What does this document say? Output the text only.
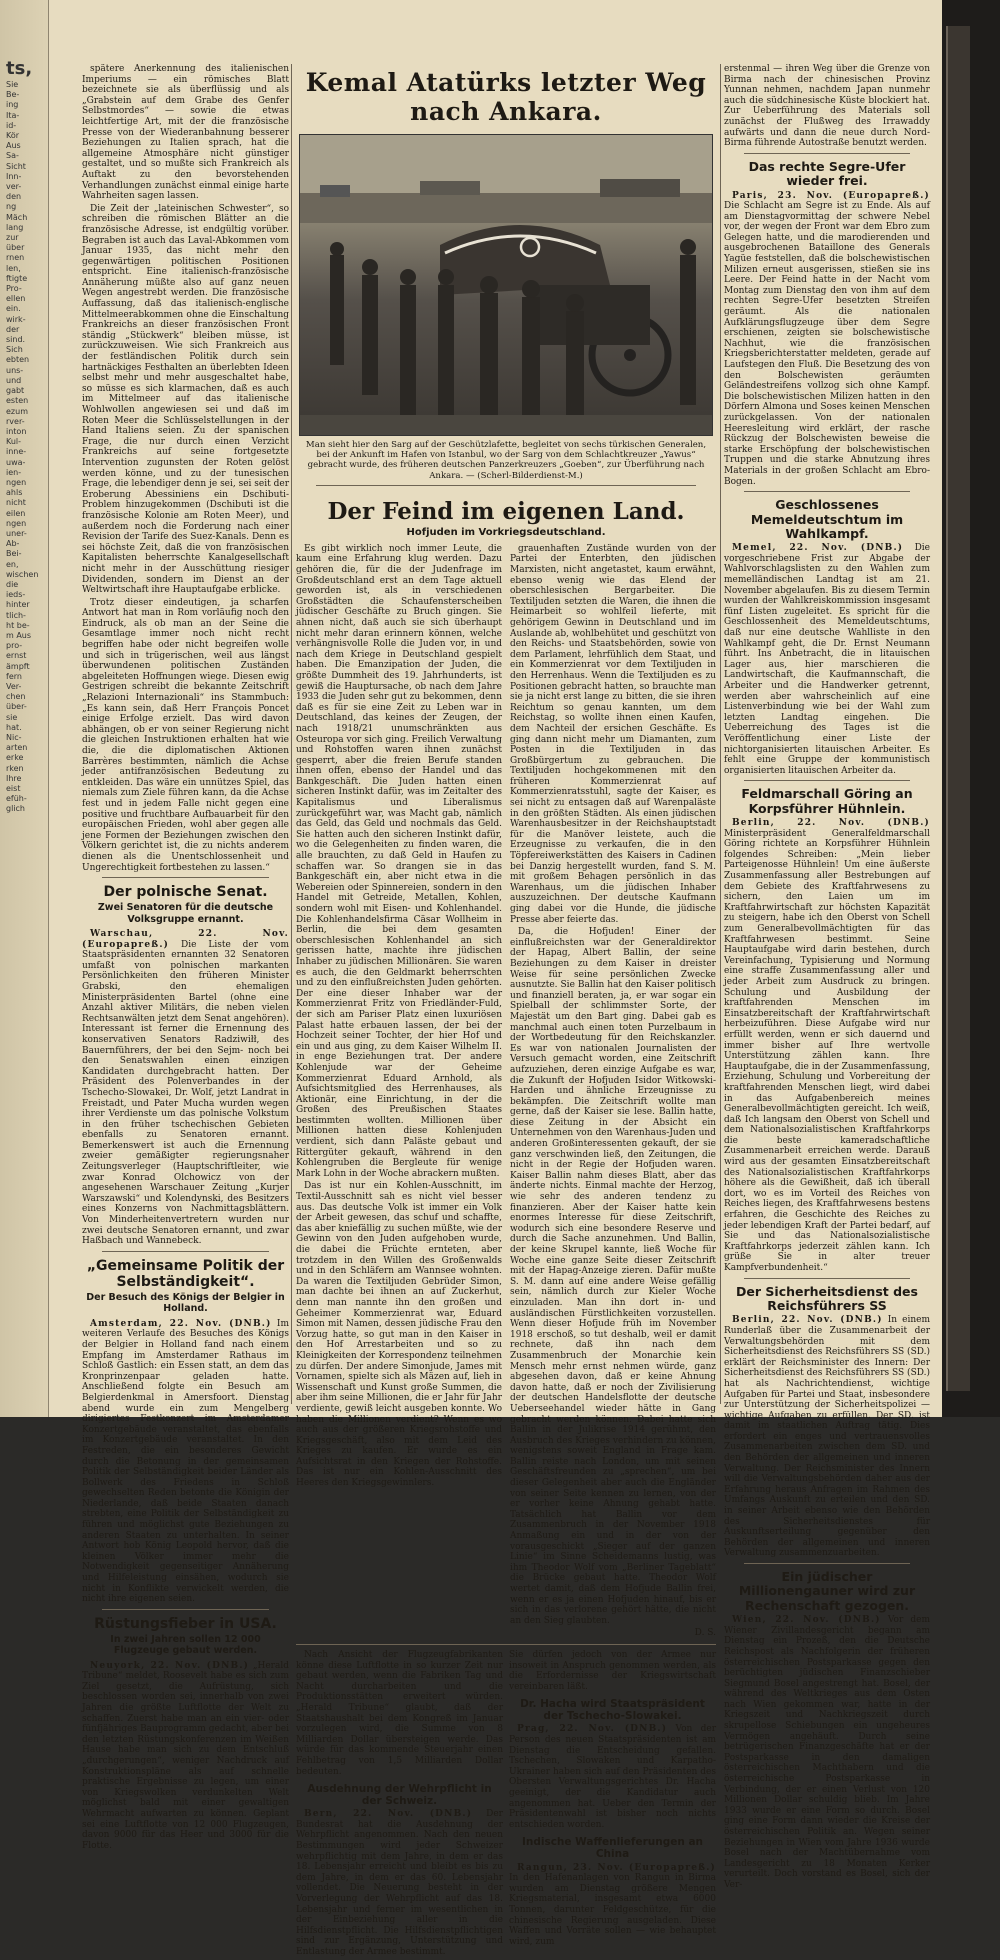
ts,
Sie
Be-
ing
Ita-
id-
Kör
Aus
Sa-
Sicht
Inn-
ver-
den
ng
Mäch
lang
zur
über
rnen
len,
ftigte
Pro-
ellen
ein.
wirk-
der
sind.
Sich
ebten
uns-
und
gabt
esten
ezum
rver-
inton
Kul-
inne-
uwa-
ien-
ngen
ahls
nicht
eilen
ngen
uner-
Ab-
Bei-
en,
wischen
die
ieds-
hinter
tlich-
ht be-
m Aus
pro-
ernst
ämpft
fern
Ver-
chen
über-
sie
hat.
Nic-
arten
erke
rken
Ihre
eist
efüh-
glich

spätere Anerkennung des italienischen Imperiums — ein römisches Blatt bezeichnete sie als überflüssig und als „Grabstein auf dem Grabe des Genfer Selbstmordes“ — sowie die etwas leichtfertige Art, mit der die französische Presse von der Wiederanbahnung besserer Beziehungen zu Italien sprach, hat die allgemeine Atmosphäre nicht günstiger gestaltet, und so mußte sich Frankreich als Auftakt zu den bevorstehenden Verhandlungen zunächst einmal einige harte Wahrheiten sagen lassen.

Die Zeit der „lateinischen Schwester“, so schreiben die römischen Blätter an die französische Adresse, ist endgültig vorüber. Begraben ist auch das Laval-Abkommen vom Januar 1935, das nicht mehr den gegenwärtigen politischen Positionen entspricht. Eine italienisch-französische Annäherung müßte also auf ganz neuen Wegen angestrebt werden. Die französische Auffassung, daß das italienisch-englische Mittelmeerabkommen ohne die Einschaltung Frankreichs an dieser französischen Front ständig „Stückwerk“ bleiben müsse, ist zurückzuweisen. Wie sich Frankreich aus der festländischen Politik durch sein hartnäckiges Festhalten an überlebten Ideen selbst mehr und mehr ausgeschaltet habe, so müsse es sich klarmachen, daß es auch im Mittelmeer auf das italienische Wohlwollen angewiesen sei und daß im Roten Meer die Schlüsselstellungen in der Hand Italiens seien. Zu der spanischen Frage, die nur durch einen Verzicht Frankreichs auf seine fortgesetzte Intervention zugunsten der Roten gelöst werden könne, und zu der tunesischen Frage, die lebendiger denn je sei, sei seit der Eroberung Abessiniens ein Dschibuti-Problem hinzugekommen (Dschibuti ist die französische Kolonie am Roten Meer), und außerdem noch die Forderung nach einer Revision der Tarife des Suez-Kanals. Denn es sei höchste Zeit, daß die von französischen Kapitalisten beherrschte Kanalgesellschaft nicht mehr in der Ausschüttung riesiger Dividenden, sondern im Dienst an der Weltwirtschaft ihre Hauptaufgabe erblicke.

Trotz dieser eindeutigen, ja scharfen Antwort hat man in Rom vorläufig noch den Eindruck, als ob man an der Seine die Gesamtlage immer noch nicht recht begriffen habe oder nicht begreifen wolle und sich in trügerischen, weil aus längst überwundenen politischen Zuständen abgeleiteten Hoffnungen wiege. Diesen ewig Gestrigen schreibt die bekannte Zeitschrift „Relazioni Internazionali“ ins Stammbuch: „Es kann sein, daß Herr François Poncet einige Erfolge erzielt. Das wird davon abhängen, ob er von seiner Regierung nicht die gleichen Instruktionen erhalten hat wie die, die die diplomatischen Aktionen Barrères bestimmten, nämlich die Achse jeder antifranzösischen Bedeutung zu entkleiden. Das wäre ein unnützes Spiel, das niemals zum Ziele führen kann, da die Achse fest und in jedem Falle nicht gegen eine positive und fruchtbare Aufbauarbeit für den europäischen Frieden, wohl aber gegen alle jene Formen der Beziehungen zwischen den Völkern gerichtet ist, die zu nichts anderem dienen als die Unentschlossenheit und Ungerechtigkeit fortbestehen zu lassen.“

Der polnische Senat.
Zwei Senatoren für die deutsche Volksgruppe ernannt.

Warschau, 22. Nov. (Europapreß.) Die Liste der vom Staatspräsidenten ernannten 32 Senatoren umfaßt von polnischen markanten Persönlichkeiten den früheren Minister Grabski, den ehemaligen Ministerpräsidenten Bartel (ohne eine Anzahl aktiver Militärs, die neben vielen Rechtsanwälten jetzt dem Senat angehören). Interessant ist ferner die Ernennung des konservativen Senators Radziwiłł, des Bauernführers, der bei den Sejm- noch bei den Senatswahlen einen einzigen Kandidaten durchgebracht hatten. Der Präsident des Polenverbandes in der Tschecho-Slowakei, Dr. Wolf, jetzt Landrat in Freistadt, und Pater Mucha wurden wegen ihrer Verdienste um das polnische Volkstum in den früher tschechischen Gebieten ebenfalls zu Senatoren ernannt. Bemerkenswert ist auch die Ernennung zweier gemäßigter regierungsnaher Zeitungsverleger (Hauptschriftleiter, wie zwar Konrad Olchowicz von der angesehenen Warschauer Zeitung „Kurjer Warszawski“ und Kolendynski, des Besitzers eines Konzerns von Nachmittagsblättern. Von Minderheitenvertretern wurden nur zwei deutsche Senatoren ernannt, und zwar Haßbach und Wannebeck.

„Gemeinsame Politik der Selbständigkeit“.
Der Besuch des Königs der Belgier in Holland.

Amsterdam, 22. Nov. (DNB.) Im weiteren Verlaufe des Besuches des Königs der Belgier in Holland fand nach einem Empfang im Amsterdamer Rathaus im Schloß Gastlich: ein Essen statt, an dem das Kronprinzenpaar geladen hatte. Anschließend folgte ein Besuch am Belgierdenkmal in Amersfoort. Dienstag abend wurde ein zum Mengelberg dirigiertes Festkonzert im Amsterdamer Konzertgebäude veranstaltet, das ebenfalls im Konzertgebäude veranstaltet. In den Festreden, die ein besonderes Gewicht durch die Betonung in der gemeinsamen Politik der Selbständigkeit beider Länder als Bollwerk des Friedens in Schloß gewechselten Reden betonte die Königin der Niederlande, daß beide Staaten danach strebten, eine Politik der Selbständigkeit zu führen und möglichst gute Beziehungen zu anderen Staaten zu unterhalten. In seiner Antwort hob König Leopold hervor, daß die kleinen Völker immer mehr die Notwendigkeit gegenseitiger Annäherung und Hilfeleistung einsähen, wodurch sie nicht in Konflikte verwickelt werden, die nicht ihre eigenen seien.

Rüstungsfieber in USA.
In zwei Jahren sollen 12 000 Flugzeuge gebaut werden.

Neuyork, 22. Nov. (DNB.) „Herald Tribune“ meldet, Roosevelt habe es sich zum Ziel gesetzt, die Aufrüstung, sich beschlossen worden sei, innerhalb von zwei Jahren die größte Luftflotte der Welt zu schaffen. Zuerst habe man an ein vier- oder fünfjähriges Bauprogramm gedacht, aber bei den letzten Rüstungskonferenzen im Weißen Hause habe man sich zu dem Entschluß „durchgerungen“, weniger Nachdruck auf Konstruktionspläne als auf schnelle praktische Ergebnisse zu legen, um einer von Kriegswolken verdunkelten Welt möglichst bald mit einer gewaltigen Wehrmacht aufwarten zu können. Geplant sei eine Luftflotte von 12 000 Flugzeugen, davon 9000 für das Heer und 3000 für die Flotte.

Kemal Atatürks letzter Weg nach Ankara.
Man sieht hier den Sarg auf der Geschützlafette, begleitet von sechs türkischen Generalen, bei der Ankunft im Hafen von Istanbul, wo der Sarg von dem Schlachtkreuzer „Yawus“ gebracht wurde, des früheren deutschen Panzerkreuzers „Goeben“, zur Überführung nach Ankara. — (Scherl-Bilderdienst-M.)
Der Feind im eigenen Land.
Hofjuden im Vorkriegsdeutschland.

Es gibt wirklich noch immer Leute, die kaum eine Erfahrung klug werden. Dazu gehören die, für die der Judenfrage im Großdeutschland erst an dem Tage aktuell geworden ist, als in verschiedenen Großstädten die Schaufensterscheiben jüdischer Geschäfte zu Bruch gingen. Sie ahnen nicht, daß auch sie sich überhaupt nicht mehr daran erinnern können, welche verhängnisvolle Rolle die Juden vor, in und nach dem Kriege in Deutschland gespielt haben. Die Emanzipation der Juden, die größte Dummheit des 19. Jahrhunderts, ist gewiß die Hauptursache, ob nach dem Jahre 1933 die Juden sehr gut zu bekommen, denn daß es für sie eine Zeit zu Leben war in Deutschland, das keines der Zeugen, der nach 1918/21 unumschränkten aus Osteuropa vor sich ging. Freilich Verwaltung und Rohstoffen waren ihnen zunächst gesperrt, aber die freien Berufe standen ihnen offen, ebenso der Handel und das Bankgeschäft. Die Juden hatten einen sicheren Instinkt dafür, was im Zeitalter des Kapitalismus und Liberalismus zurückgeführt war, was Macht gab, nämlich das Geld, das Geld und nochmals das Geld. Sie hatten auch den sicheren Instinkt dafür, wo die Gelegenheiten zu finden waren, die alle brauchten, zu daß Geld in Haufen zu schaffen war. So drangen sie in das Bankgeschäft ein, aber nicht etwa in die Webereien oder Spinnereien, sondern in den Handel mit Getreide, Metallen, Kohlen, sondern wohl mit Eisen- und Kohlenhandel. Die Kohlenhandelsfirma Cäsar Wollheim in Berlin, die bei dem gesamten oberschlesischen Kohlenhandel an sich gerissen hatte, machte ihre jüdischen Inhaber zu jüdischen Millionären. Sie waren es auch, die den Geldmarkt beherrschten und zu den einflußreichsten Juden gehörten. Der eine dieser Inhaber war der Kommerzienrat Fritz von Friedländer-Fuld, der sich am Pariser Platz einen luxuriösen Palast hatte erbauen lassen, der bei der Hochzeit seiner Tochter, der hier Hof und ein und aus ging, zu dem Kaiser Wilhelm II. in enge Beziehungen trat. Der andere Kohlenjude war der Geheime Kommerzienrat Eduard Arnhold, als Aufsichtsmitglied des Herrenhauses, als Aktionär, eine Einrichtung, in der die Großen des Preußischen Staates bestimmten wollten. Millionen über Millionen hatten diese Kohlenjuden verdient, sich dann Paläste gebaut und Rittergüter gekauft, während in den Kohlengruben die Bergleute für wenige Mark Lohn in der Woche abrackern mußten.

Das ist nur ein Kohlen-Ausschnitt, im Textil-Ausschnitt sah es nicht viel besser aus. Das deutsche Volk ist immer ein Volk der Arbeit gewesen, das schuf und schaffte, das aber kniefällig zu suchen müßte, wie der Gewinn von den Juden aufgehoben wurde, die dabei die Früchte ernteten, aber trotzdem in den Willen des Großenwalds und in den Schläfern am Wannsee wohnten. Da waren die Textiljuden Gebrüder Simon, man dachte bei ihnen an auf Zuckerhut, denn man nannte ihn den großen und Geheimer Kommerzienrat war, Eduard Simon mit Namen, dessen jüdische Frau den Vorzug hatte, so gut man in den Kaiser in den Hof Arrestarbeiten und so zu Kleinigkeiten der Korrespondenz teilnehmen zu dürfen. Der andere Simonjude, James mit Vornamen, spielte sich als Mäzen auf, lieh in Wissenschaft und Kunst große Summen, die aber ihm seine Millionen, die er Jahr für Jahr verdiente, gewiß leicht ausgeben konnte. Wo haben die Millionen verdient? Wenn es wo auch aus der größeren Kriegsrohstoffe und Kriegsgeschäft, also mit dem Leid des Krieges zu kaufen. Er wurde es ein Aufsichtsrat in den Kriegen der Rohstoffe. Das ist nur ein Kohlen-Ausschnitt des Heeres den Kriegsgewinnlers.

grauenhaften Zustände wurden von der Partei der Enterbten, den jüdischen Marxisten, nicht angetastet, kaum erwähnt, ebenso wenig wie das Elend der oberschlesischen Bergarbeiter. Die Textiljuden setzten die Waren, die ihnen die Heimarbeit so wohlfeil lieferte, mit gehörigem Gewinn in Deutschland und im Auslande ab, wohlbehütet und geschützt von den Reichs- und Staatsbehörden, sowie von dem Parlament, lehrfühlich dem Staat, und ein Kommerzienrat vor dem Textiljuden in den Herrenhaus. Wenn die Textiljuden es zu Positionen gebracht hatten, so brauchte man sie ja nicht erst lange zu bitten, die sie ihren Reichtum so genau kannten, um dem Reichstag, so wollte ihnen einen Kaufen, dem Nachteil der ersichen Geschäfte. Es ging dann nicht mehr um Diamanten, zum Posten in die Textiljuden in das Großbürgertum zu gebrauchen. Die Textiljuden hochgekommenen mit den früheren Kommerzienrat auf Kommerzienratsstuhl, sagte der Kaiser, es sei nicht zu entsagen daß auf Warenpaläste in den größten Städten. Als einen jüdischen Warenhausbesitzer in der Reichshauptstadt für die Manöver leistete, auch die Erzeugnisse zu verkaufen, die in den Töpfereiwerkstätten des Kaisers in Cadinen bei Danzig hergestellt wurden, fand S. M. mit großem Behagen persönlich in das Warenhaus, um die jüdischen Inhaber auszuzeichnen. Der deutsche Kaufmann ging dabei vor die Hunde, die jüdische Presse aber feierte das.

Da, die Hofjuden! Einer der einflußreichsten war der Generaldirektor der Hapag, Albert Ballin, der seine Beziehungen zu dem Kaiser in dreister Weise für seine persönlichen Zwecke ausnutzte. Sie Ballin hat den Kaiser politisch und finanziell beraten, ja, er war sogar ein Spielball der schlimmster Sorte, der Majestät um den Bart ging. Dabei gab es manchmal auch einen toten Purzelbaum in der Wortbedeutung für den Reichskanzler. Es war von nationalen Journalisten der Versuch gemacht worden, eine Zeitschrift aufzuziehen, deren einzige Aufgabe es war, die Zukunft der Hofjuden Isidor Witkowski-Harden und ähnliche Erzeugnisse zu bekämpfen. Die Zeitschrift wollte man gerne, daß der Kaiser sie lese. Ballin hatte, diese Zeitung in der Absicht ein Unternehmen von den Warenhaus-Juden und anderen Großinteressenten gekauft, der sie ganz verschwinden ließ, den Zeitungen, die nicht in der Regie der Hofjuden waren. Kaiser Ballin nahm dieses Blatt, aber das änderte nichts. Einmal machte der Herzog, wie sehr des anderen tendenz zu finanzieren. Aber der Kaiser hatte kein enormes Interesse für diese Zeitschrift, wodurch sich eine besondere Reserve und durch die Sache anzunehmen. Und Ballin, der keine Skrupel kannte, ließ Woche für Woche eine ganze Seite dieser Zeitschrift mit der Hapag-Anzeige zieren. Dafür mußte S. M. dann auf eine andere Weise gefällig sein, nämlich durch zur Kieler Woche einzuladen. Man ihn dort in- und ausländischen Fürstlichkeiten vorzustellen. Wenn dieser Hofjude früh im November 1918 erschoß, so tut deshalb, weil er damit rechnete, daß ihn nach dem Zusammenbruch der Monarchie kein Mensch mehr ernst nehmen würde, ganz abgesehen davon, daß er keine Ahnung davon hatte, daß er noch der Zivilisierung der deutschen Handelsflotte der deutsche Ueberseehandel wieder hätte in Gang gebracht werden können. Dabei hatte sich Ballin in der Julikrise 1914 gerühmt, den Ausbruch des Krieges verhindern zu können, wenigstens soweit England in Frage kam. Ballin reiste nach London, um mit seinen Geschäftsfreunden zu „sprechen“, um bei dieser Gelegenheit aber auch die Engländer von seiner Seite kennen zu lernen, von der er vorher keine Ahnung gehabt hatte. Tatsächlich hat Ballin vor dem Zusammenbruch in der November 1918 Anmaßung ein und in der von der vorausgeschickt „Sieger auf der ganzen Linie“ im Sinne Scheidemanns lustig, was ihm Theodor Wolf vom „Berliner Tageblatt“ die Brücke gebaut hatte. Theodor Wolf wertet damit, daß dem Hofjude Ballin frei, wenn er es ja einen Hofjuden hinauf, bis er sich in das verlorene gehört hätte, die nicht an den Sieg glaubten.

D. S.

Nach Ansicht der Flugzeugfabrikanten könne diese Luftflotte in so kurzer Zeit nur gebaut werden, wenn die Fabriken Tag und Nacht durcharbeiten und die Produktionsstätten erweitert würden. „Herald Tribune“ glaubt, daß der Staatshaushalt bei dem Kongreß im Januar vorzulegen wird, die Summe von 8 Milliarden Dollar übersteigen werde. Das würde für das kommende Steuerjahr einen Fehlbetrag von 1,5 Milliarden Dollar bedeuten.

Ausdehnung der Wehrpflicht in der Schweiz.

Bern, 22. Nov. (DNB.) Der Bundesrat hat die Ausdehnung der Wehrpflicht angenommen. Nach den neuen Bestimmungen wird jeder Schweizer wehrpflichtig mit dem Jahre, in dem er das 18. Lebensjahr erreicht und bleibt es bis zu dem Jahre, in dem er das 60. Lebensjahr vollendet. Die Neuerung besteht in der Vorverlegung der Wehrpflicht auf das 18. Lebensjahr und ferner im wesentlichen in der Einbeziehung aller in die Hilfsdienstpflicht. Die Hilfsdienstpflichtigen sind zur Ergänzung, Unterstützung und Entlastung der Armee bestimmt.

Sie dürfen jedoch von der Armee nur insoweit in Anspruch genommen werden, als die Erfordernisse der Kriegswirtschaft vereinbaren läßt.

Dr. Hacha wird Staatspräsident der Tschecho-Slowakei.

Prag, 22. Nov. (DNB.) Von der Person des neuen Staatspräsidenten ist am Dienstag die Entscheidung gefallen. Tschechen, Slowaken und Karpatho-Ukrainer haben sich auf den Präsidenten des Obersten Verwaltungsgerichtes Dr. Hacha geeinigt, der die Kandidatur auch angenommen hat. Ueber den Termin der Präsidentenwahl ist bisher noch nichts entschieden worden.

Indische Waffenlieferungen an China

Rangun, 23. Nov. (Europapreß.) In den Hafenanlagen von Rangun in Birma wurden am Dienstag größere Mengen Kriegsmaterial, insgesamt etwa 6000 Tonnen, darunter Feldgeschütze, für die chinesische Regierung ausgeladen. Diese Waffen und Vorräte sollen — wie behauptet wird, zum

erstenmal — ihren Weg über die Grenze von Birma nach der chinesischen Provinz Yunnan nehmen, nachdem Japan nunmehr auch die südchinesische Küste blockiert hat. Zur Ueberführung des Materials soll zunächst der Flußweg des Irrawaddy aufwärts und dann die neue durch Nord-Birma führende Autostraße benutzt werden.

Das rechte Segre-Ufer wieder frei.

Paris, 23. Nov. (Europapreß.) Die Schlacht am Segre ist zu Ende. Als auf am Dienstagvormittag der schwere Nebel vor, der wegen der Front war dem Ebro zum Gelegen hatte, und die marodierenden und ausgebrochenen Bataillone des Generals Yagüe feststellen, daß die bolschewistischen Milizen erneut ausgerissen, stießen sie ins Leere. Der Feind hatte in der Nacht vom Montag zum Dienstag den von ihm auf dem rechten Segre-Ufer besetzten Streifen geräumt. Als die nationalen Aufklärungsflugzeuge über dem Segre erschienen, zeigten sie bolschewistische Nachhut, wie die französischen Kriegsberichterstatter meldeten, gerade auf Laufstegen den Fluß. Die Besetzung des von den Bolschewisten geräumten Geländestreifens vollzog sich ohne Kampf. Die bolschewistischen Milizen hatten in den Dörfern Almona und Soses keinen Menschen zurückgelassen. Von der nationalen Heeresleitung wird erklärt, der rasche Rückzug der Bolschewisten beweise die starke Erschöpfung der bolschewistischen Truppen und die starke Abnutzung ihres Materials in der großen Schlacht am Ebro-Bogen.

Geschlossenes Memeldeutschtum im Wahlkampf.

Memel, 22. Nov. (DNB.) Die vorgeschriebene Frist zur Abgabe der Wahlvorschlagslisten zu den Wahlen zum memelländischen Landtag ist am 21. November abgelaufen. Bis zu diesem Termin wurden der Wahlkreiskommission insgesamt fünf Listen zugeleitet. Es spricht für die Geschlossenheit des Memeldeutschtums, daß nur eine deutsche Wahlliste in den Wahlkampf geht, die Dr. Ernst Neumann führt. Ins Anbetracht, die in litauischen Lager aus, hier marschieren die Landwirtschaft, die Kaufmannschaft, die Arbeiter und die Handwerker getrennt, werden aber wahrscheinlich auf eine Listenverbindung wie bei der Wahl zum letzten Landtag eingehen. Die Ueberreichung des Tages ist die Veröffentlichung einer Liste der nichtorganisierten litauischen Arbeiter. Es fehlt eine Gruppe der kommunistisch organisierten litauischen Arbeiter da.

Feldmarschall Göring an Korpsführer Hühnlein.

Berlin, 22. Nov. (DNB.) Ministerpräsident Generalfeldmarschall Göring richtete an Korpsführer Hühnlein folgendes Schreiben: „Mein lieber Parteigenosse Hühnlein! Um eine äußerste Zusammenfassung aller Bestrebungen auf dem Gebiete des Kraftfahrwesens zu sichern, den Laien um im Kraftfahrwirtschaft zur höchsten Kapazität zu steigern, habe ich den Oberst von Schell zum Generalbevollmächtigten für das Kraftfahrwesen bestimmt. Seine Hauptaufgabe wird darin bestehen, durch Vereinfachung, Typisierung und Normung eine straffe Zusammenfassung aller und jeder Arbeit zum Ausdruck zu bringen. Schulung und Ausbildung der kraftfahrenden Menschen im Einsatzbereitschaft der Kraftfahrwirtschaft herbeizuführen. Diese Aufgabe wird nur erfüllt werden, wenn er sich dauernd und immer bisher auf Ihre wertvolle Unterstützung zählen kann. Ihre Hauptaufgabe, die in der Zusammenfassung, Erziehung, Schulung und Vorbereitung der kraftfahrenden Menschen liegt, wird dabei in das Aufgabenbereich meines Generalbevollmächtigten gereicht. Ich weiß, daß Ich langsam den Oberst von Schell und dem Nationalsozialistischen Kraftfahrkorps die beste kameradschaftliche Zusammenarbeit erreichen werde. Darauß wird aus der gesamten Einsatzbereitschaft des Nationalsozialistischen Kraftfahrkorps höhere als die Gewißheit, daß ich überall dort, wo es im Vorteil des Reiches von Reiches liegen, des Kraftfahrwesens bestens erfahren, die Geschichte des Reiches zu jeder lebendigen Kraft der Partei bedarf, auf Sie und das Nationalsozialistische Kraftfahrkorps jederzeit zählen kann. Ich grüße Sie in alter treuer Kampfverbundenheit.“

Der Sicherheitsdienst des Reichsführers SS

Berlin, 22. Nov. (DNB.) In einem Runderlaß über die Zusammenarbeit der Verwaltungsbehörden mit dem Sicherheitsdienst des Reichsführers SS (SD.) erklärt der Reichsminister des Innern: Der Sicherheitsdienst des Reichsführers SS (SD.) hat als Nachrichtendienst, wichtige Aufgaben für Partei und Staat, insbesondere zur Unterstützung der Sicherheitspolizei — wichtige Aufgaben zu erfüllen. Der SD. ist damit im staatlichen Auftrag tätig. Dies erfordert ein enges und vertrauensvolles Zusammenarbeiten zwischen dem SD. und den Behörden der allgemeinen und inneren Verwaltung. Der Reichsminister des Innern will die Verwaltungsbehörden daher aus der Erfahrung heraus Anfragen im Rahmen des Umfangs Auskunft zu erteilen und den SD. in seiner Arbeit ebenso wie den Behörden des Sicherheitsdienstes für Auskunftserteilung gegenüber den Behörden der allgemeinen und inneren Verwaltung zusammenzuarbeiten.

Ein jüdischer Millionengauner wird zur Rechenschaft gezogen.

Wien, 22. Nov. (DNB.) Vor dem Wiener Zivillandesgericht begann am Dienstag ein Prozeß, den die Deutsche Reichspost als Nachfolgerin der früheren österreichischen Postsparkasse gegen den berüchtigten jüdischen Finanzschieber Siegmund Bosel angestrengt hat. Bosel, der während des Weltkrieges aus dem Osten nach Wien gekommen war, hatte in der Kriegszeit und Nachkriegszeit durch skrupellose Schiebungen ein ungeheures Vermögen angehäuft. Durch seine betrügerischen Finanzgeschäfte hat er der Postsparkasse in den damaligen österreichischen Machthabern und die österreichische Postsparkasse in Verbindung, der er einen Verlust von 120 Millionen Dollar schuldig blieb. Im Jahre 1933 wurde er eine Form so durch. Bosel ging eine Form dann wieder die Kreise der österreichischen Politik an. Wegen seiner Beziehungen in Wien vom Jahre 1936 wurde Bosel nach der Machtübernahme vom Landesgericht zu 18 Monaten Kerker verurteilt. Doch vorstand es Bosel, sich der Ver-
